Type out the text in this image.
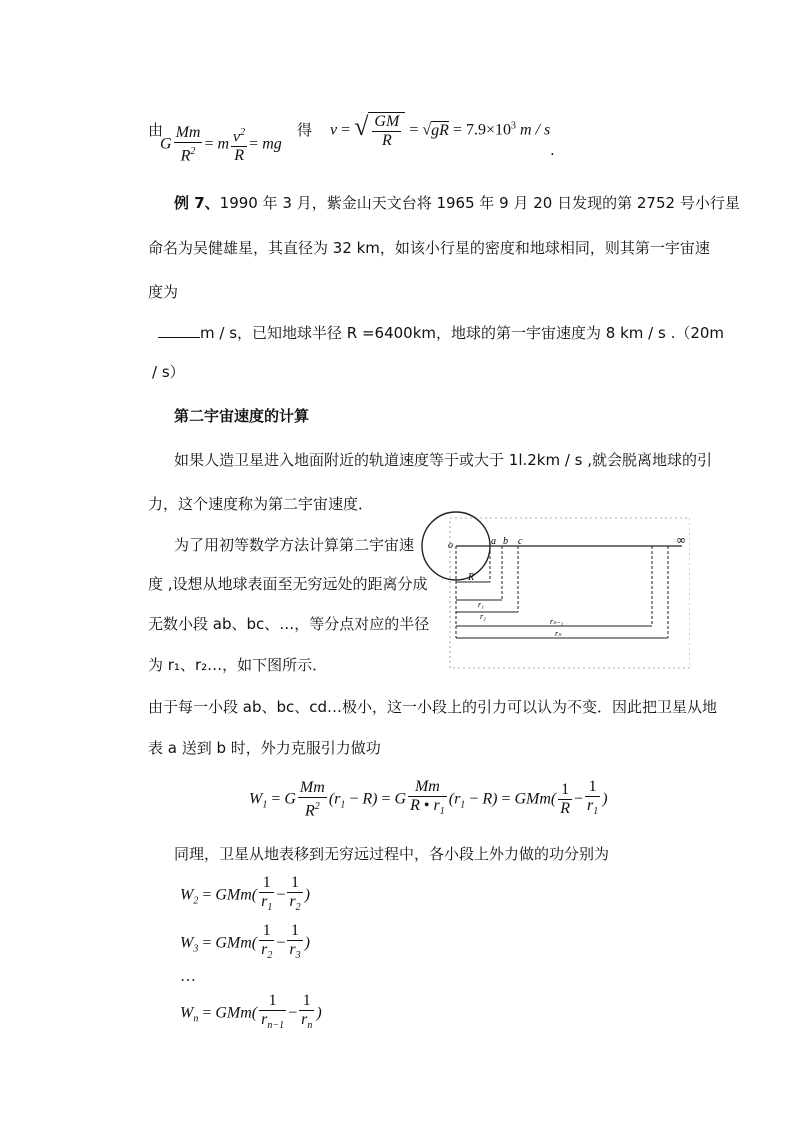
由
G $\frac{Mm}{R^2} = m \frac{v^2}{R}$ = mg
得 v = √ $\frac{GM}{R} = √gR = 7.9\times 10^3$ m / s
.
例 7、1990 年 3 月，紫金山天文台将 1965 年 9 月 20 日发现的第 2752 号小行星
命名为吴健雄星，其直径为 32 km，如该小行星的密度和地球相同，则其第一宇宙速
度为
m / s，已知地球半径 R =6400km，地球的第一宇宙速度为 8 km / s .（20m
/ s）
第二宇宙速度的计算
如果人造卫星进入地面附近的轨道速度等于或大于 1l.2km / s ,就会脱离地球的引
力，这个速度称为第二宇宙速度．
为了用初等数学方法计算第二宇宙速
度 ,设想从地球表面至无穷远处的距离分成
无数小段 ab、bc、…，等分点对应的半径
为 r₁、r₂…，如下图所示．
o	a b c	∞
R
r₁
r₂
rₙ₋₁
rₙ
由于每一小段 ab、bc、cd…极小，这一小段上的引力可以认为不变．因此把卫星从地
表 a 送到 b 时，外力克服引力做功
$W_1 = G \frac{Mm}{R^2} (r_1 - R) = G \frac{Mm}{R • r_1} (r_1 - R) = GMm( \frac{1}{R} - \frac{1}{r_1}$ )
同理，卫星从地表移到无穷远过程中，各小段上外力做的功分别为
$W_2 = GMm( \frac{1}{r_1} - \frac{1}{r_2}$ )
$W_3 = GMm( \frac{1}{r_2} - \frac{1}{r_3}$ )
…
$W_n = GMm( \frac{1}{r_{n-1}} - \frac{1}{r_n}$ )
